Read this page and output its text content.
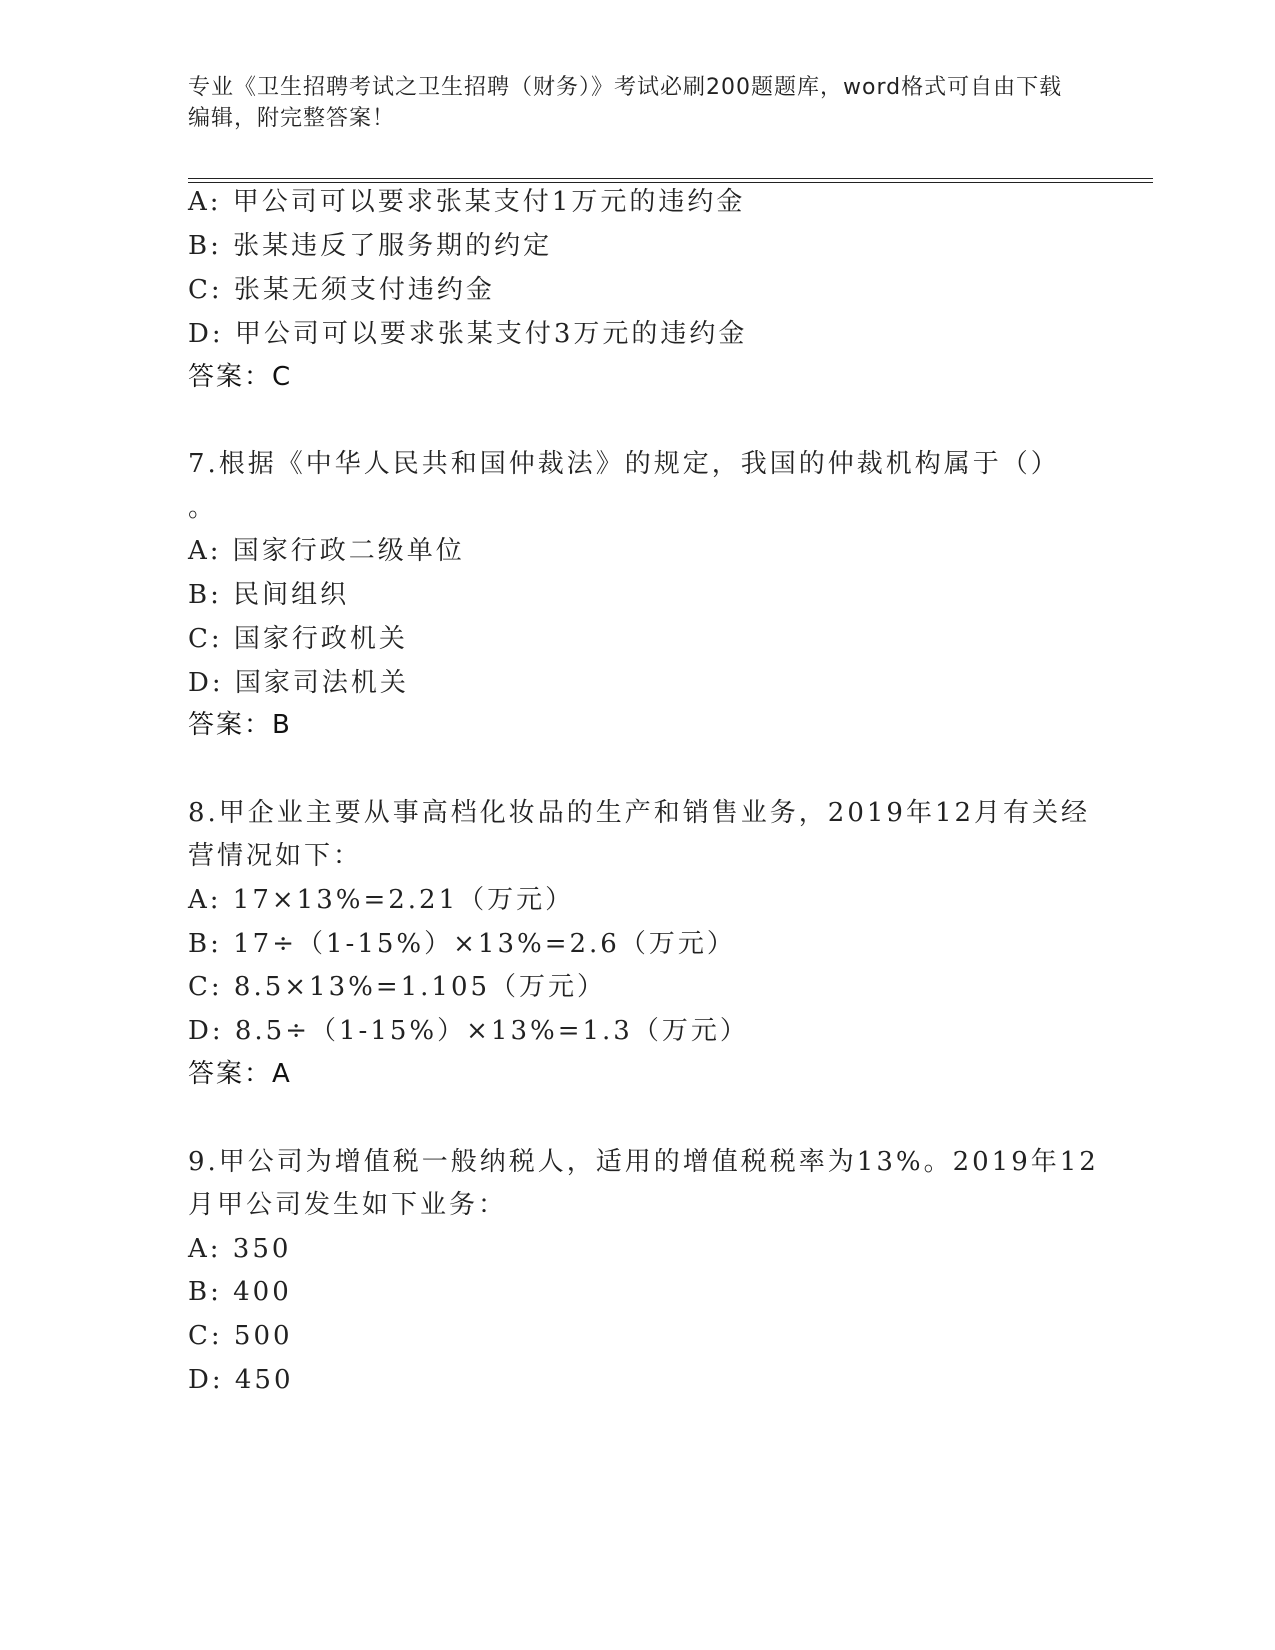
专业《卫生招聘考试之卫生招聘（财务）》考试必刷200题题库，word格式可自由下载编辑，附完整答案！
A: 甲公司可以要求张某支付1万元的违约金
B: 张某违反了服务期的约定
C: 张某无须支付违约金
D: 甲公司可以要求张某支付3万元的违约金
答案：C
7.根据《中华人民共和国仲裁法》的规定，我国的仲裁机构属于（）
。
A: 国家行政二级单位
B: 民间组织
C: 国家行政机关
D: 国家司法机关
答案：B
8.甲企业主要从事高档化妆品的生产和销售业务，2019年12月有关经
营情况如下：
A: 17×13%=2.21（万元）
B: 17÷（1-15%）×13%=2.6（万元）
C: 8.5×13%=1.105（万元）
D: 8.5÷（1-15%）×13%=1.3（万元）
答案：A
9.甲公司为增值税一般纳税人，适用的增值税税率为13%。2019年12
月甲公司发生如下业务：
A: 350
B: 400
C: 500
D: 450
